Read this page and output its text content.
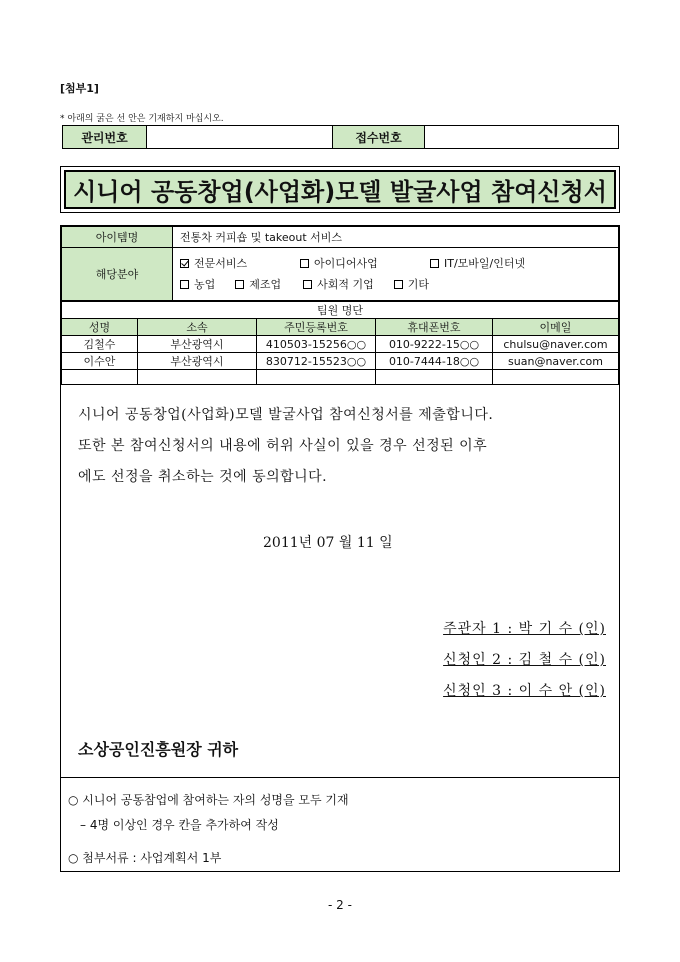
[첨부1]
* 아래의 굵은 선 안은 기재하지 마십시오.
관리번호	접수번호
시니어 공동창업(사업화)모델 발굴사업 참여신청서
아이템명	전통차 커피숍 및 takeout 서비스
해당분야	전문서비스 아이디어사업 IT/모바일/인터넷
농업 제조업 사회적 기업 기타
팀원 명단				
성명	소속	주민등록번호	휴대폰번호	이메일
김철수	부산광역시	410503-15256○○	010-9222-15○○	chulsu@naver.com
이수안	부산광역시	830712-15523○○	010-7444-18○○	suan@naver.com

시니어 공동창업(사업화)모델 발굴사업 참여신청서를 제출합니다.
또한 본 참여신청서의 내용에 허위 사실이 있을 경우 선정된 이후
에도 선정을 취소하는 것에 동의합니다.
2011년 07 월 11 일
주관자 1 : 박 기 수 (인)
신청인 2 : 김 철 수 (인)
신청인 3 : 이 수 안 (인)
소상공인진흥원장 귀하
○ 시니어 공동참업에 참여하는 자의 성명을 모두 기재
– 4명 이상인 경우 칸을 추가하여 작성
○ 첨부서류 : 사업계획서 1부
- 2 -
